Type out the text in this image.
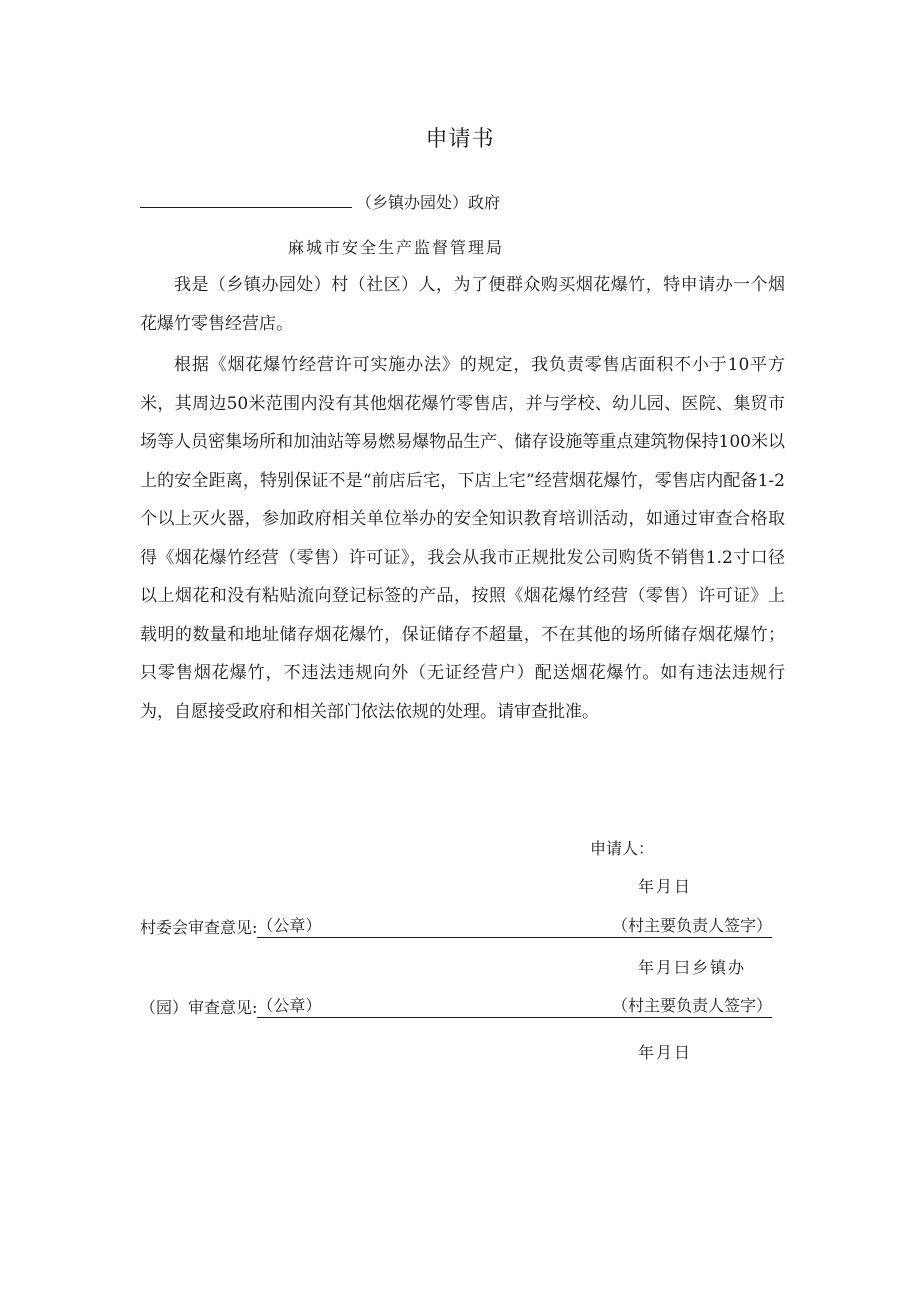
申请书
（乡镇办园处）政府
麻城市安全生产监督管理局

我是（乡镇办园处）村（社区）人，为了便群众购买烟花爆竹，特申请办一个烟花爆竹零售经营店。

根据《烟花爆竹经营许可实施办法》的规定，我负责零售店面积不小于10平方米，其周边50米范围内没有其他烟花爆竹零售店，并与学校、幼儿园、医院、集贸市场等人员密集场所和加油站等易燃易爆物品生产、储存设施等重点建筑物保持100米以上的安全距离，特别保证不是“前店后宅，下店上宅”经营烟花爆竹，零售店内配备1-2个以上灭火器，参加政府相关单位举办的安全知识教育培训活动，如通过审查合格取得《烟花爆竹经营（零售）许可证》，我会从我市正规批发公司购货不销售1.2寸口径以上烟花和没有粘贴流向登记标签的产品，按照《烟花爆竹经营（零售）许可证》上载明的数量和地址储存烟花爆竹，保证储存不超量，不在其他的场所储存烟花爆竹；只零售烟花爆竹，不违法违规向外（无证经营户）配送烟花爆竹。如有违法违规行为，自愿接受政府和相关部门依法依规的处理。请审查批准。

申请人：
年月日
村委会审查意见: （公章）	（村主要负责人签字）
年月曰乡镇办
（园）审查意见: （公章）	（村主要负责人签字）
年月日
